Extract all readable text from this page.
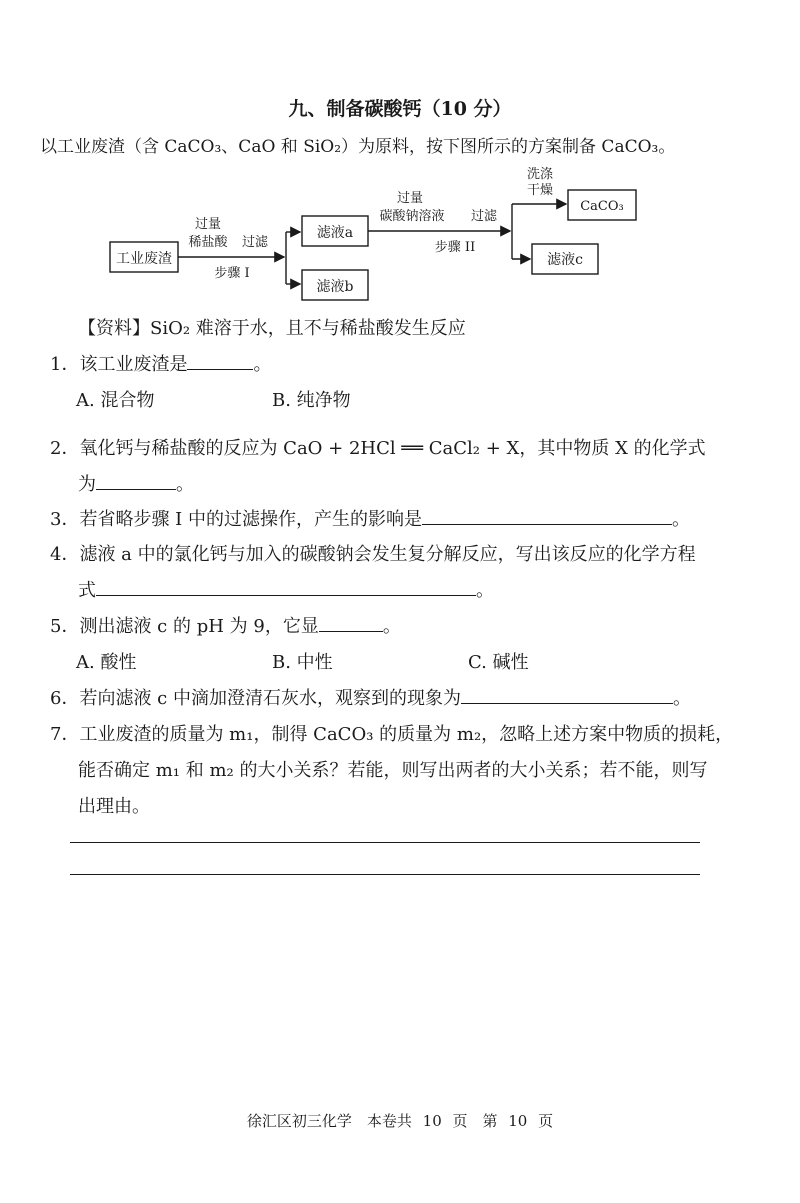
九、制备碳酸钙（10 分）
以工业废渣（含 CaCO₃、CaO 和 SiO₂）为原料，按下图所示的方案制备 CaCO₃。
工业废渣
过量
稀盐酸 过滤
步骤 I
滤液a
滤液b
过量
碳酸钠溶液 过滤
步骤 II
洗涤
干燥
CaCO₃
滤液c
【资料】SiO₂ 难溶于水，且不与稀盐酸发生反应
1．该工业废渣是	。
A. 混合物	B. 纯净物
2．氧化钙与稀盐酸的反应为 CaO + 2HCl ══ CaCl₂ + X，其中物质 X 的化学式
为	。
3．若省略步骤 I 中的过滤操作，产生的影响是	。
4．滤液 a 中的氯化钙与加入的碳酸钠会发生复分解反应，写出该反应的化学方程
式	。
5．测出滤液 c 的 pH 为 9，它显	。
A. 酸性	B. 中性	C. 碱性
6．若向滤液 c 中滴加澄清石灰水，观察到的现象为	。
7．工业废渣的质量为 m₁，制得 CaCO₃ 的质量为 m₂，忽略上述方案中物质的损耗，
能否确定 m₁ 和 m₂ 的大小关系？若能，则写出两者的大小关系；若不能，则写
出理由。
徐汇区初三化学　本卷共 10 页　第 10 页
